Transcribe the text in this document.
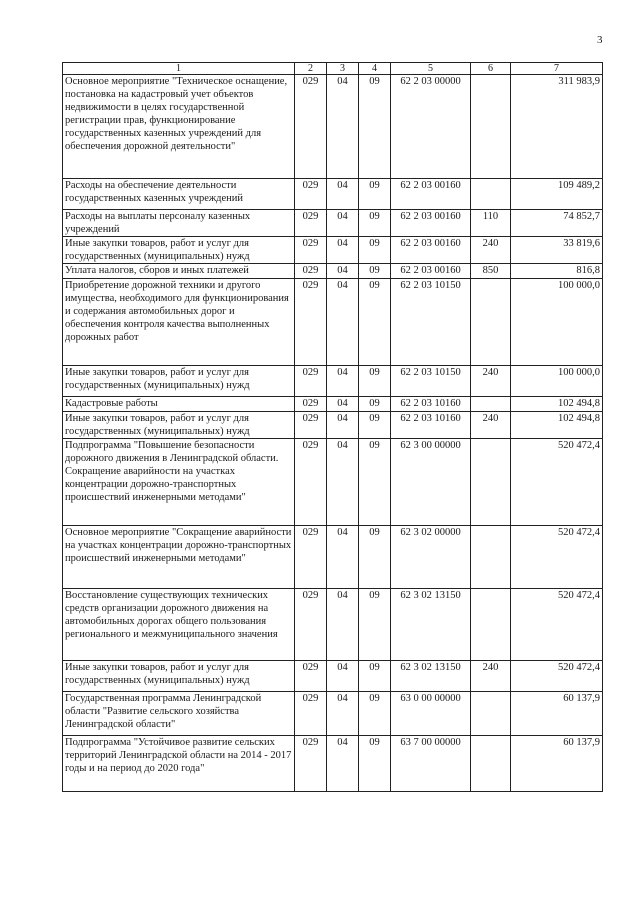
3
1	2	3	4	5	6	7
Основное мероприятие "Техническое оснащение, постановка на кадастровый учет объектов недвижимости в целях государственной регистрации прав, функционирование государственных казенных учреждений для обеспечения дорожной деятельности"	029	04	09	62 2 03 00000		311 983,9
Расходы на обеспечение деятельности государственных казенных учреждений	029	04	09	62 2 03 00160		109 489,2
Расходы на выплаты персоналу казенных учреждений	029	04	09	62 2 03 00160	110	74 852,7
Иные закупки товаров, работ и услуг для государственных (муниципальных) нужд	029	04	09	62 2 03 00160	240	33 819,6
Уплата налогов, сборов и иных платежей	029	04	09	62 2 03 00160	850	816,8
Приобретение дорожной техники и другого имущества, необходимого для функционирования и содержания автомобильных дорог и обеспечения контроля качества выполненных дорожных работ	029	04	09	62 2 03 10150		100 000,0
Иные закупки товаров, работ и услуг для государственных (муниципальных) нужд	029	04	09	62 2 03 10150	240	100 000,0
Кадастровые работы	029	04	09	62 2 03 10160		102 494,8
Иные закупки товаров, работ и услуг для государственных (муниципальных) нужд	029	04	09	62 2 03 10160	240	102 494,8
Подпрограмма "Повышение безопасности дорожного движения в Ленинградской области. Сокращение аварийности на участках концентрации дорожно-транспортных происшествий инженерными методами"	029	04	09	62 3 00 00000		520 472,4
Основное мероприятие "Сокращение аварийности на участках концентрации дорожно-транспортных происшествий инженерными методами"	029	04	09	62 3 02 00000		520 472,4
Восстановление существующих технических средств организации дорожного движения на автомобильных дорогах общего пользования регионального и межмуниципального значения	029	04	09	62 3 02 13150		520 472,4
Иные закупки товаров, работ и услуг для государственных (муниципальных) нужд	029	04	09	62 3 02 13150	240	520 472,4
Государственная программа Ленинградской области "Развитие сельского хозяйства Ленинградской области"	029	04	09	63 0 00 00000		60 137,9
Подпрограмма "Устойчивое развитие сельских территорий Ленинградской области на 2014 - 2017 годы и на период до 2020 года"	029	04	09	63 7 00 00000		60 137,9
